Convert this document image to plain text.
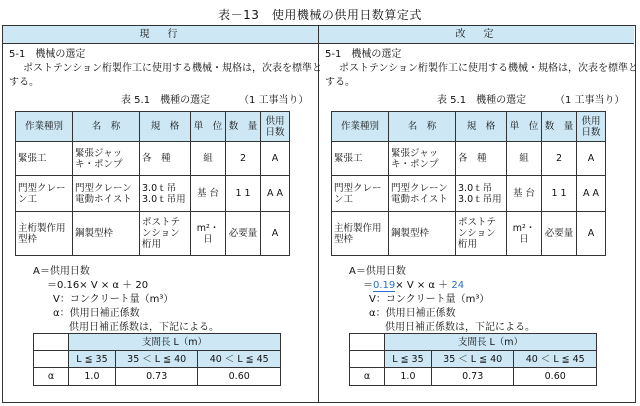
表－13　使用機械の供用日数算定式
現　行
5-1　機械の選定
ポストテンション桁製作工に使用する機械・規格は，次表を標準と
する。
表 5.1　機種の選定	（1 工事当り）
作業種別	名　称	規　格	単　位	数　量	供用日数
緊張工	緊張ジャッキ・ポンプ	各　種	組	2	A
門型クレーン工	門型クレーン 電動ホイスト	3.0ｔ吊 3.0ｔ吊用	基 台	1 1	A A
主桁製作用型枠	鋼製型枠	ポストテンション桁用	m²・日	必要量	A
A＝供用日数
＝0.16× V × α ＋ 20
V：コンクリート量（m³）
α：供用日補正係数
供用日補正係数は，下記による。
	支間長 L（m）		
	L ≦ 35	35 ＜ L ≦ 40	40 ＜ L ≦ 45
α	1.0	0.73	0.60
改　定
5-1　機械の選定
ポストテンション桁製作工に使用する機械・規格は，次表を標準と
する。
表 5.1　機種の選定	（1 工事当り）
作業種別	名　称	規　格	単　位	数　量	供用日数
緊張工	緊張ジャッキ・ポンプ	各　種	組	2	A
門型クレーン工	門型クレーン 電動ホイスト	3.0ｔ吊 3.0ｔ吊用	基 台	1 1	A A
主桁製作用型枠	鋼製型枠	ポストテンション桁用	m²・日	必要量	A
A＝供用日数
＝0.19× V × α ＋ 24
V：コンクリート量（m³）
α：供用日補正係数
供用日補正係数は，下記による。
	支間長 L（m）		
	L ≦ 35	35 ＜ L ≦ 40	40 ＜ L ≦ 45
α	1.0	0.73	0.60
